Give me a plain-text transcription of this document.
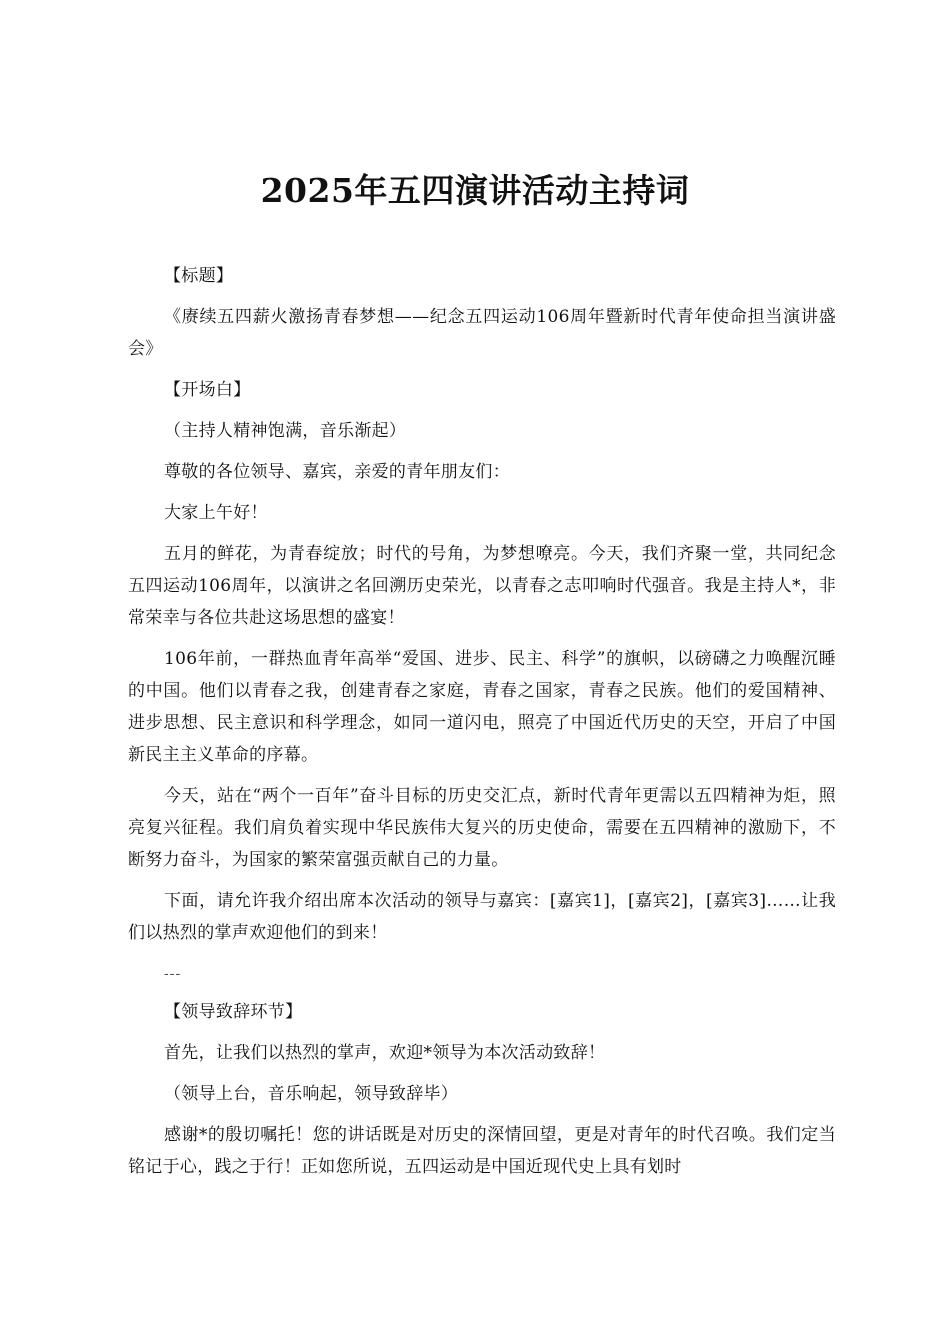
2025年五四演讲活动主持词

【标题】

《赓续五四薪火激扬青春梦想——纪念五四运动106周年暨新时代青年使命担当演讲盛会》

【开场白】

（主持人精神饱满，音乐渐起）

尊敬的各位领导、嘉宾，亲爱的青年朋友们：

大家上午好！

五月的鲜花，为青春绽放；时代的号角，为梦想嘹亮。今天，我们齐聚一堂，共同纪念五四运动106周年，以演讲之名回溯历史荣光，以青春之志叩响时代强音。我是主持人*，非常荣幸与各位共赴这场思想的盛宴！

106年前，一群热血青年高举“爱国、进步、民主、科学”的旗帜，以磅礴之力唤醒沉睡的中国。他们以青春之我，创建青春之家庭，青春之国家，青春之民族。他们的爱国精神、进步思想、民主意识和科学理念，如同一道闪电，照亮了中国近代历史的天空，开启了中国新民主主义革命的序幕。

今天，站在“两个一百年”奋斗目标的历史交汇点，新时代青年更需以五四精神为炬，照亮复兴征程。我们肩负着实现中华民族伟大复兴的历史使命，需要在五四精神的激励下，不断努力奋斗，为国家的繁荣富强贡献自己的力量。

下面，请允许我介绍出席本次活动的领导与嘉宾：[嘉宾1]，[嘉宾2]，[嘉宾3]……让我们以热烈的掌声欢迎他们的到来！

---

【领导致辞环节】

首先，让我们以热烈的掌声，欢迎*领导为本次活动致辞！

（领导上台，音乐响起，领导致辞毕）

感谢*的殷切嘱托！您的讲话既是对历史的深情回望，更是对青年的时代召唤。我们定当铭记于心，践之于行！正如您所说，五四运动是中国近现代史上具有划时
